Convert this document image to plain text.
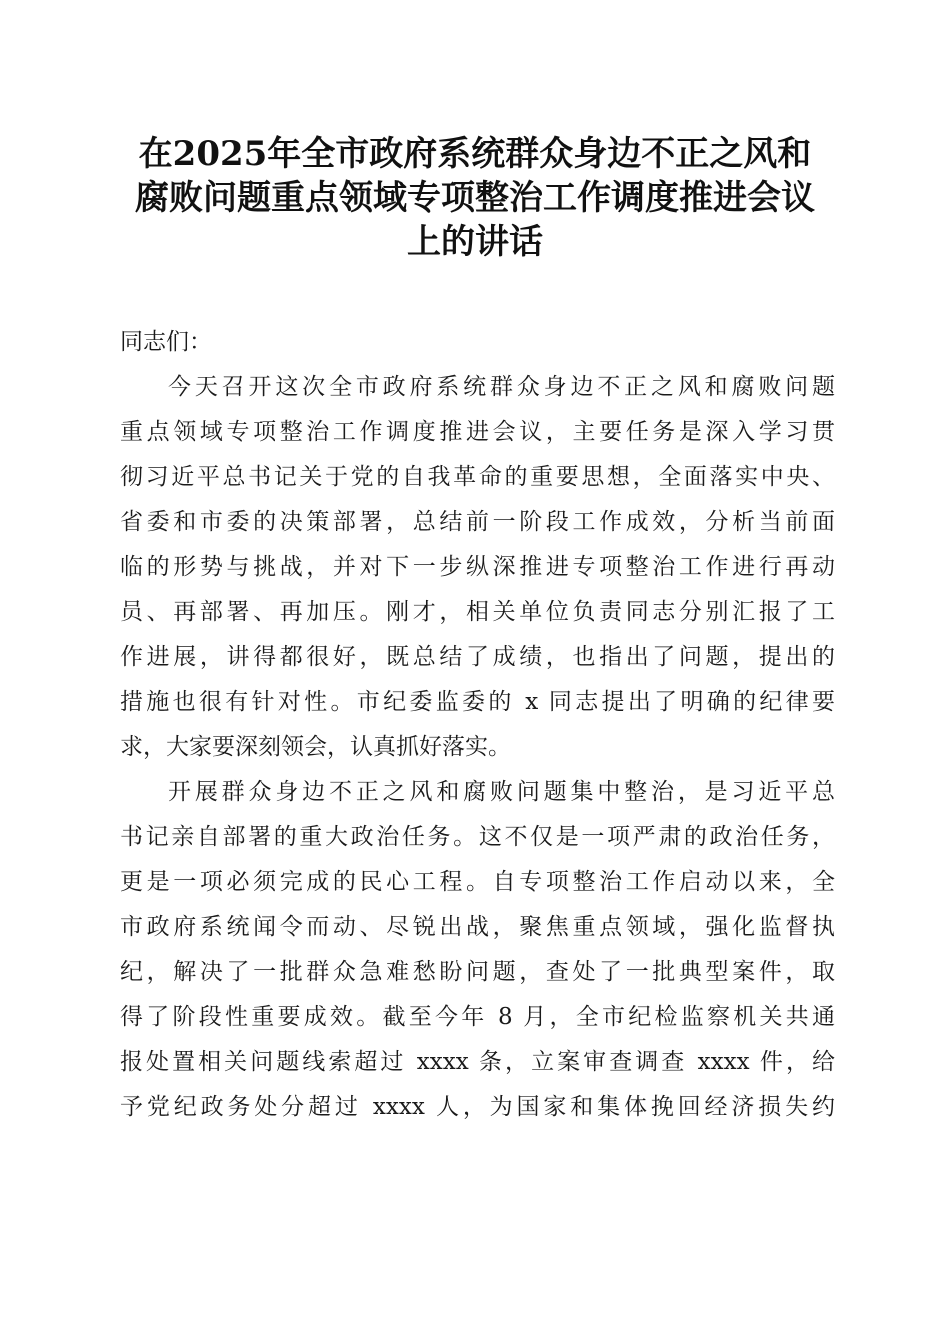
在2025年全市政府系统群众身边不正之风和
腐败问题重点领域专项整治工作调度推进会议
上的讲话
同志们：
今天召开这次全市政府系统群众身边不正之风和腐败问题
重点领域专项整治工作调度推进会议，主要任务是深入学习贯
彻习近平总书记关于党的自我革命的重要思想，全面落实中央、
省委和市委的决策部署，总结前一阶段工作成效，分析当前面
临的形势与挑战，并对下一步纵深推进专项整治工作进行再动
员、再部署、再加压。刚才，相关单位负责同志分别汇报了工
作进展，讲得都很好，既总结了成绩，也指出了问题，提出的
措施也很有针对性。市纪委监委的 x 同志提出了明确的纪律要
求，大家要深刻领会，认真抓好落实。
开展群众身边不正之风和腐败问题集中整治，是习近平总
书记亲自部署的重大政治任务。这不仅是一项严肃的政治任务，
更是一项必须完成的民心工程。自专项整治工作启动以来，全
市政府系统闻令而动、尽锐出战，聚焦重点领域，强化监督执
纪，解决了一批群众急难愁盼问题，查处了一批典型案件，取
得了阶段性重要成效。截至今年 8 月，全市纪检监察机关共通
报处置相关问题线索超过 xxxx 条，立案审查调查 xxxx 件，给
予党纪政务处分超过 xxxx 人，为国家和集体挽回经济损失约
